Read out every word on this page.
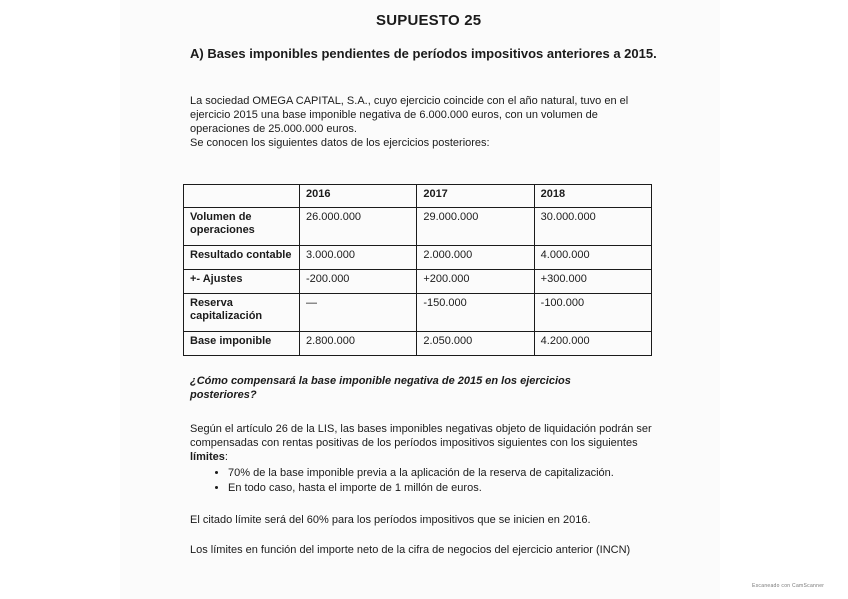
SUPUESTO 25
A) Bases imponibles pendientes de períodos impositivos anteriores a 2015.
La sociedad OMEGA CAPITAL, S.A., cuyo ejercicio coincide con el año natural, tuvo en el ejercicio 2015 una base imponible negativa de 6.000.000 euros, con un volumen de operaciones de 25.000.000 euros.
Se conocen los siguientes datos de los ejercicios posteriores:
	2016	2017	2018
Volumen de operaciones	26.000.000	29.000.000	30.000.000
Resultado contable	3.000.000	2.000.000	4.000.000
+- Ajustes	-200.000	+200.000	+300.000
Reserva capitalización	—	-150.000	-100.000
Base imponible	2.800.000	2.050.000	4.200.000
¿Cómo compensará la base imponible negativa de 2015 en los ejercicios posteriores?
Según el artículo 26 de la LIS, las bases imponibles negativas objeto de liquidación podrán ser compensadas con rentas positivas de los períodos impositivos siguientes con los siguientes límites:
• 70% de la base imponible previa a la aplicación de la reserva de capitalización.
• En todo caso, hasta el importe de 1 millón de euros.
El citado límite será del 60% para los períodos impositivos que se inicien en 2016.
Los límites en función del importe neto de la cifra de negocios del ejercicio anterior (INCN)
Escaneado con CamScanner
